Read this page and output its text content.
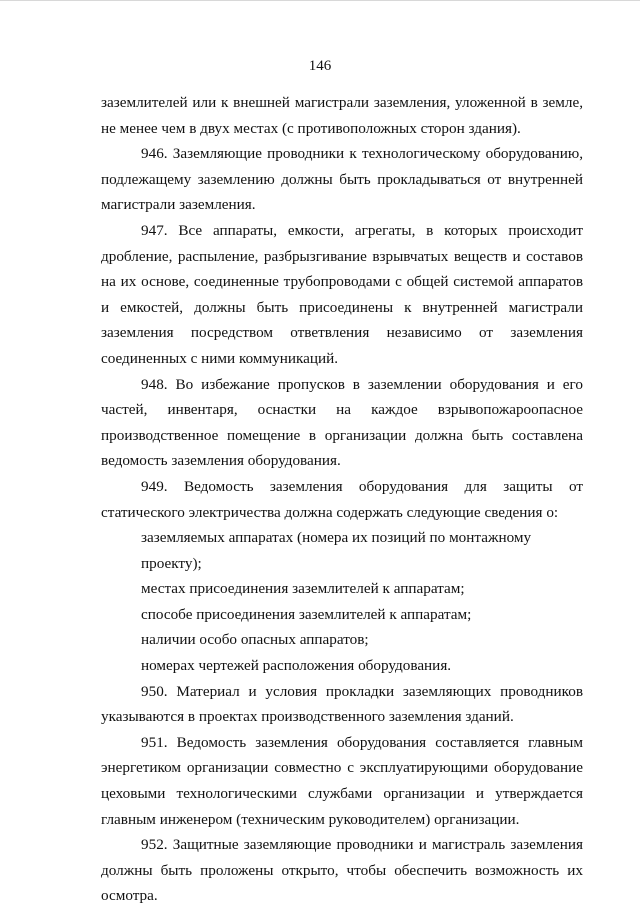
146

заземлителей или к внешней магистрали заземления, уложенной в земле, не менее чем в двух местах (с противоположных сторон здания).

946. Заземляющие проводники к технологическому оборудованию, подлежащему заземлению должны быть прокладываться от внутренней магистрали заземления.

947. Все аппараты, емкости, агрегаты, в которых происходит дробление, распыление, разбрызгивание взрывчатых веществ и составов на их основе, соединенные трубопроводами с общей системой аппаратов и емкостей, должны быть присоединены к внутренней магистрали заземления посредством ответвления независимо от заземления соединенных с ними коммуникаций.

948. Во избежание пропусков в заземлении оборудования и его частей, инвентаря, оснастки на каждое взрывопожароопасное производственное помещение в организации должна быть составлена ведомость заземления оборудования.

949. Ведомость заземления оборудования для защиты от статического электричества должна содержать следующие сведения о:

заземляемых аппаратах (номера их позиций по монтажному проекту);

местах присоединения заземлителей к аппаратам;

способе присоединения заземлителей к аппаратам;

наличии особо опасных аппаратов;

номерах чертежей расположения оборудования.

950. Материал и условия прокладки заземляющих проводников указываются в проектах производственного заземления зданий.

951. Ведомость заземления оборудования составляется главным энергетиком организации совместно с эксплуатирующими оборудование цеховыми технологическими службами организации и утверждается главным инженером (техническим руководителем) организации.

952. Защитные заземляющие проводники и магистраль заземления должны быть проложены открыто, чтобы обеспечить возможность их осмотра.
